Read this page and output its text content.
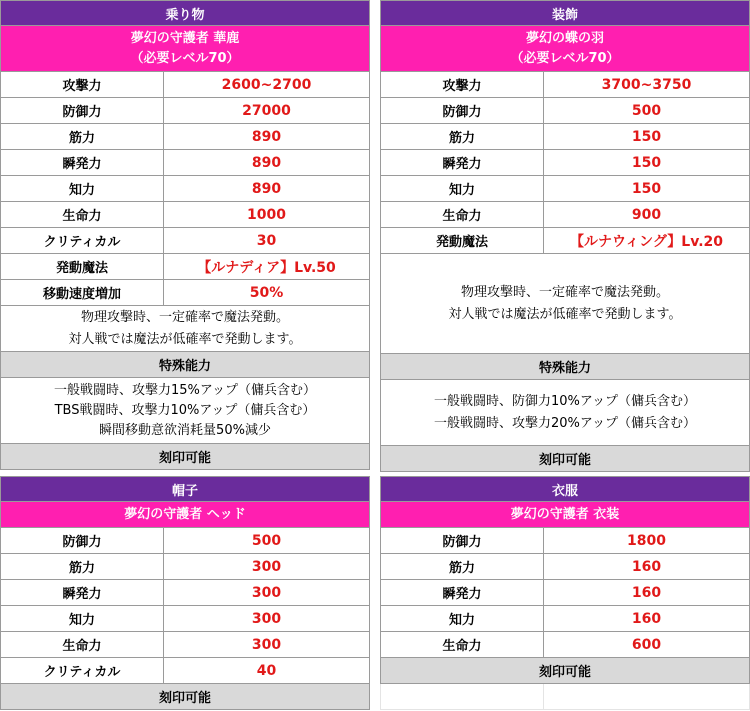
乗り物
夢幻の守護者 華鹿
（必要レベル70）
攻撃力	2600~2700
防御力	27000
筋力	890
瞬発力	890
知力	890
生命力	1000
クリティカル	30
発動魔法	【ルナディア】Lv.50
移動速度増加	50%
物理攻撃時、一定確率で魔法発動。
対人戦では魔法が低確率で発動します。
特殊能力
一般戦闘時、攻撃力15%アップ（傭兵含む）
TBS戦闘時、攻撃力10%アップ（傭兵含む）
瞬間移動意欲消耗量50%減少
刻印可能
装飾
夢幻の蝶の羽
（必要レベル70）
攻撃力	3700~3750
防御力	500
筋力	150
瞬発力	150
知力	150
生命力	900
発動魔法	【ルナウィング】Lv.20
物理攻撃時、一定確率で魔法発動。
対人戦では魔法が低確率で発動します。
特殊能力
一般戦闘時、防御力10%アップ（傭兵含む）
一般戦闘時、攻撃力20%アップ（傭兵含む）
刻印可能
帽子
夢幻の守護者 ヘッド
防御力	500
筋力	300
瞬発力	300
知力	300
生命力	300
クリティカル	40
刻印可能
衣服
夢幻の守護者 衣装
防御力	1800
筋力	160
瞬発力	160
知力	160
生命力	600
刻印可能
